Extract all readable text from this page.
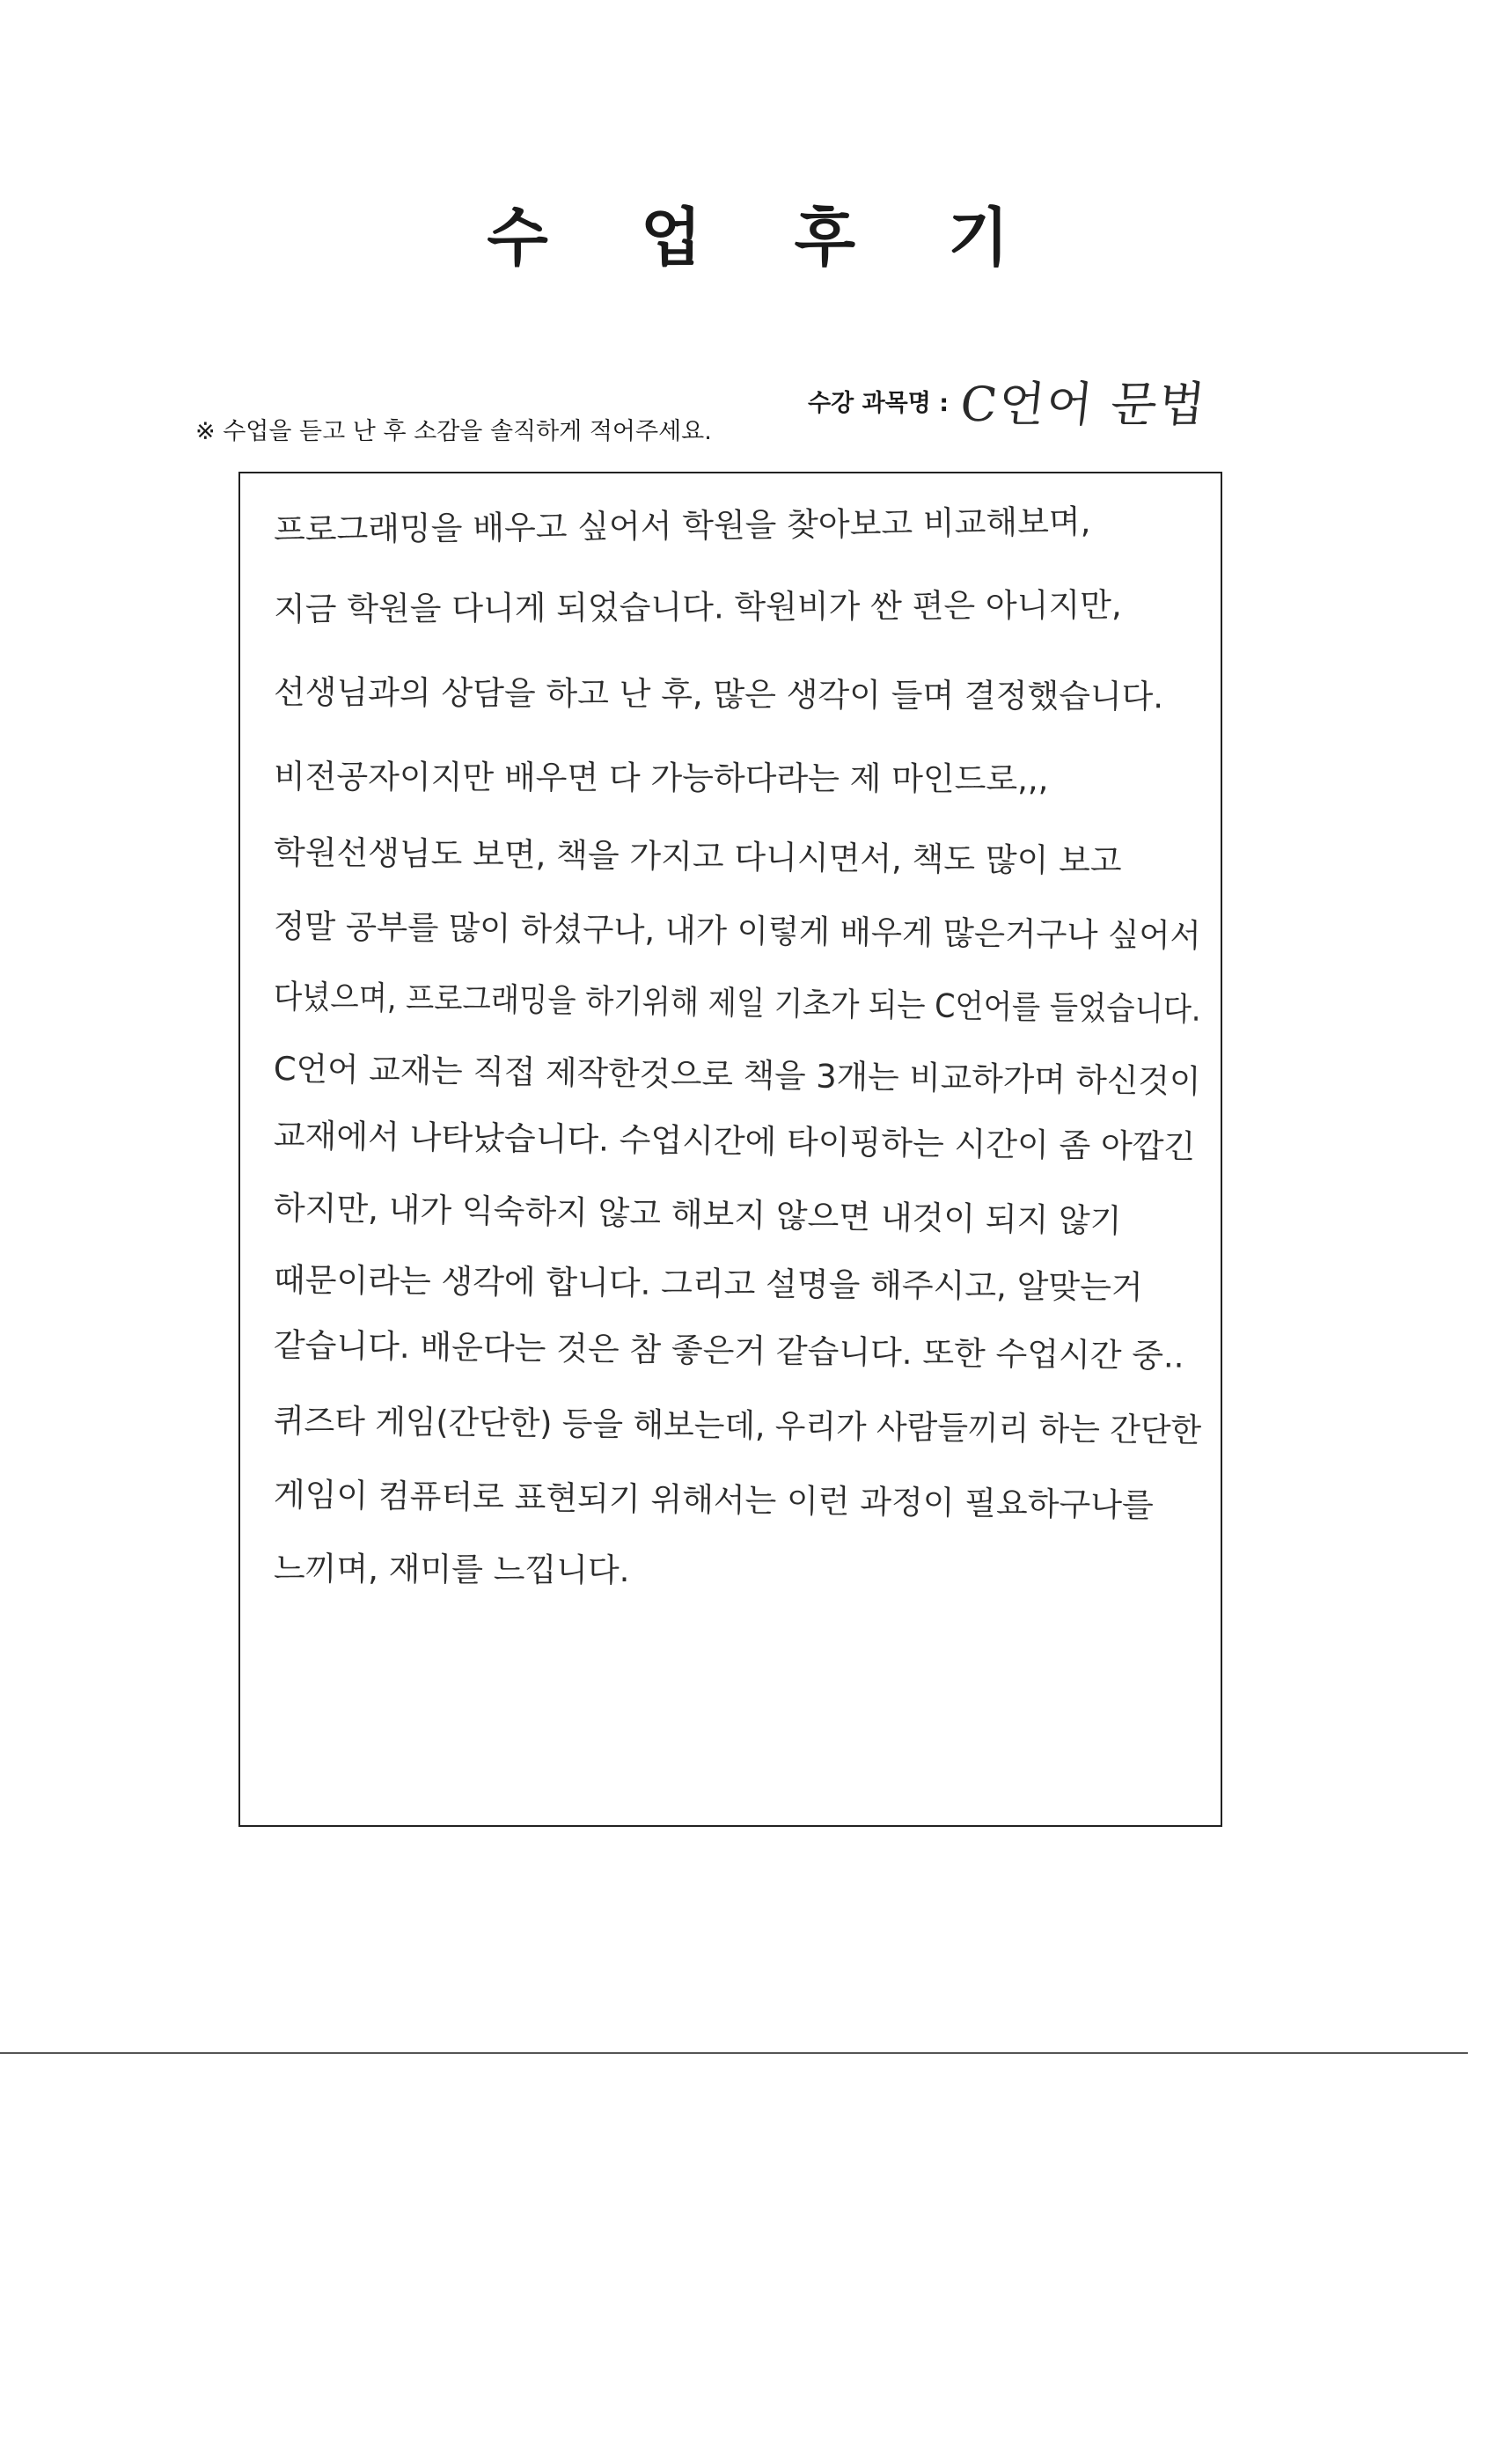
수 업 후 기
수강 과목명 : C언어 문법
※ 수업을 듣고 난 후 소감을 솔직하게 적어주세요.
프로그래밍을 배우고 싶어서 학원을 찾아보고 비교해보며,
지금 학원을 다니게 되었습니다. 학원비가 싼 편은 아니지만,
선생님과의 상담을 하고 난 후, 많은 생각이 들며 결정했습니다.
비전공자이지만 배우면 다 가능하다라는 제 마인드로,,,
학원선생님도 보면, 책을 가지고 다니시면서, 책도 많이 보고
정말 공부를 많이 하셨구나, 내가 이렇게 배우게 많은거구나 싶어서
다녔으며, 프로그래밍을 하기위해 제일 기초가 되는 C언어를 들었습니다.
C언어 교재는 직접 제작한것으로 책을 3개는 비교하가며 하신것이
교재에서 나타났습니다. 수업시간에 타이핑하는 시간이 좀 아깝긴
하지만, 내가 익숙하지 않고 해보지 않으면 내것이 되지 않기
때문이라는 생각에 합니다. 그리고 설명을 해주시고, 알맞는거
같습니다. 배운다는 것은 참 좋은거 같습니다. 또한 수업시간 중..
퀴즈타 게임(간단한) 등을 해보는데, 우리가 사람들끼리 하는 간단한
게임이 컴퓨터로 표현되기 위해서는 이런 과정이 필요하구나를
느끼며, 재미를 느낍니다.
